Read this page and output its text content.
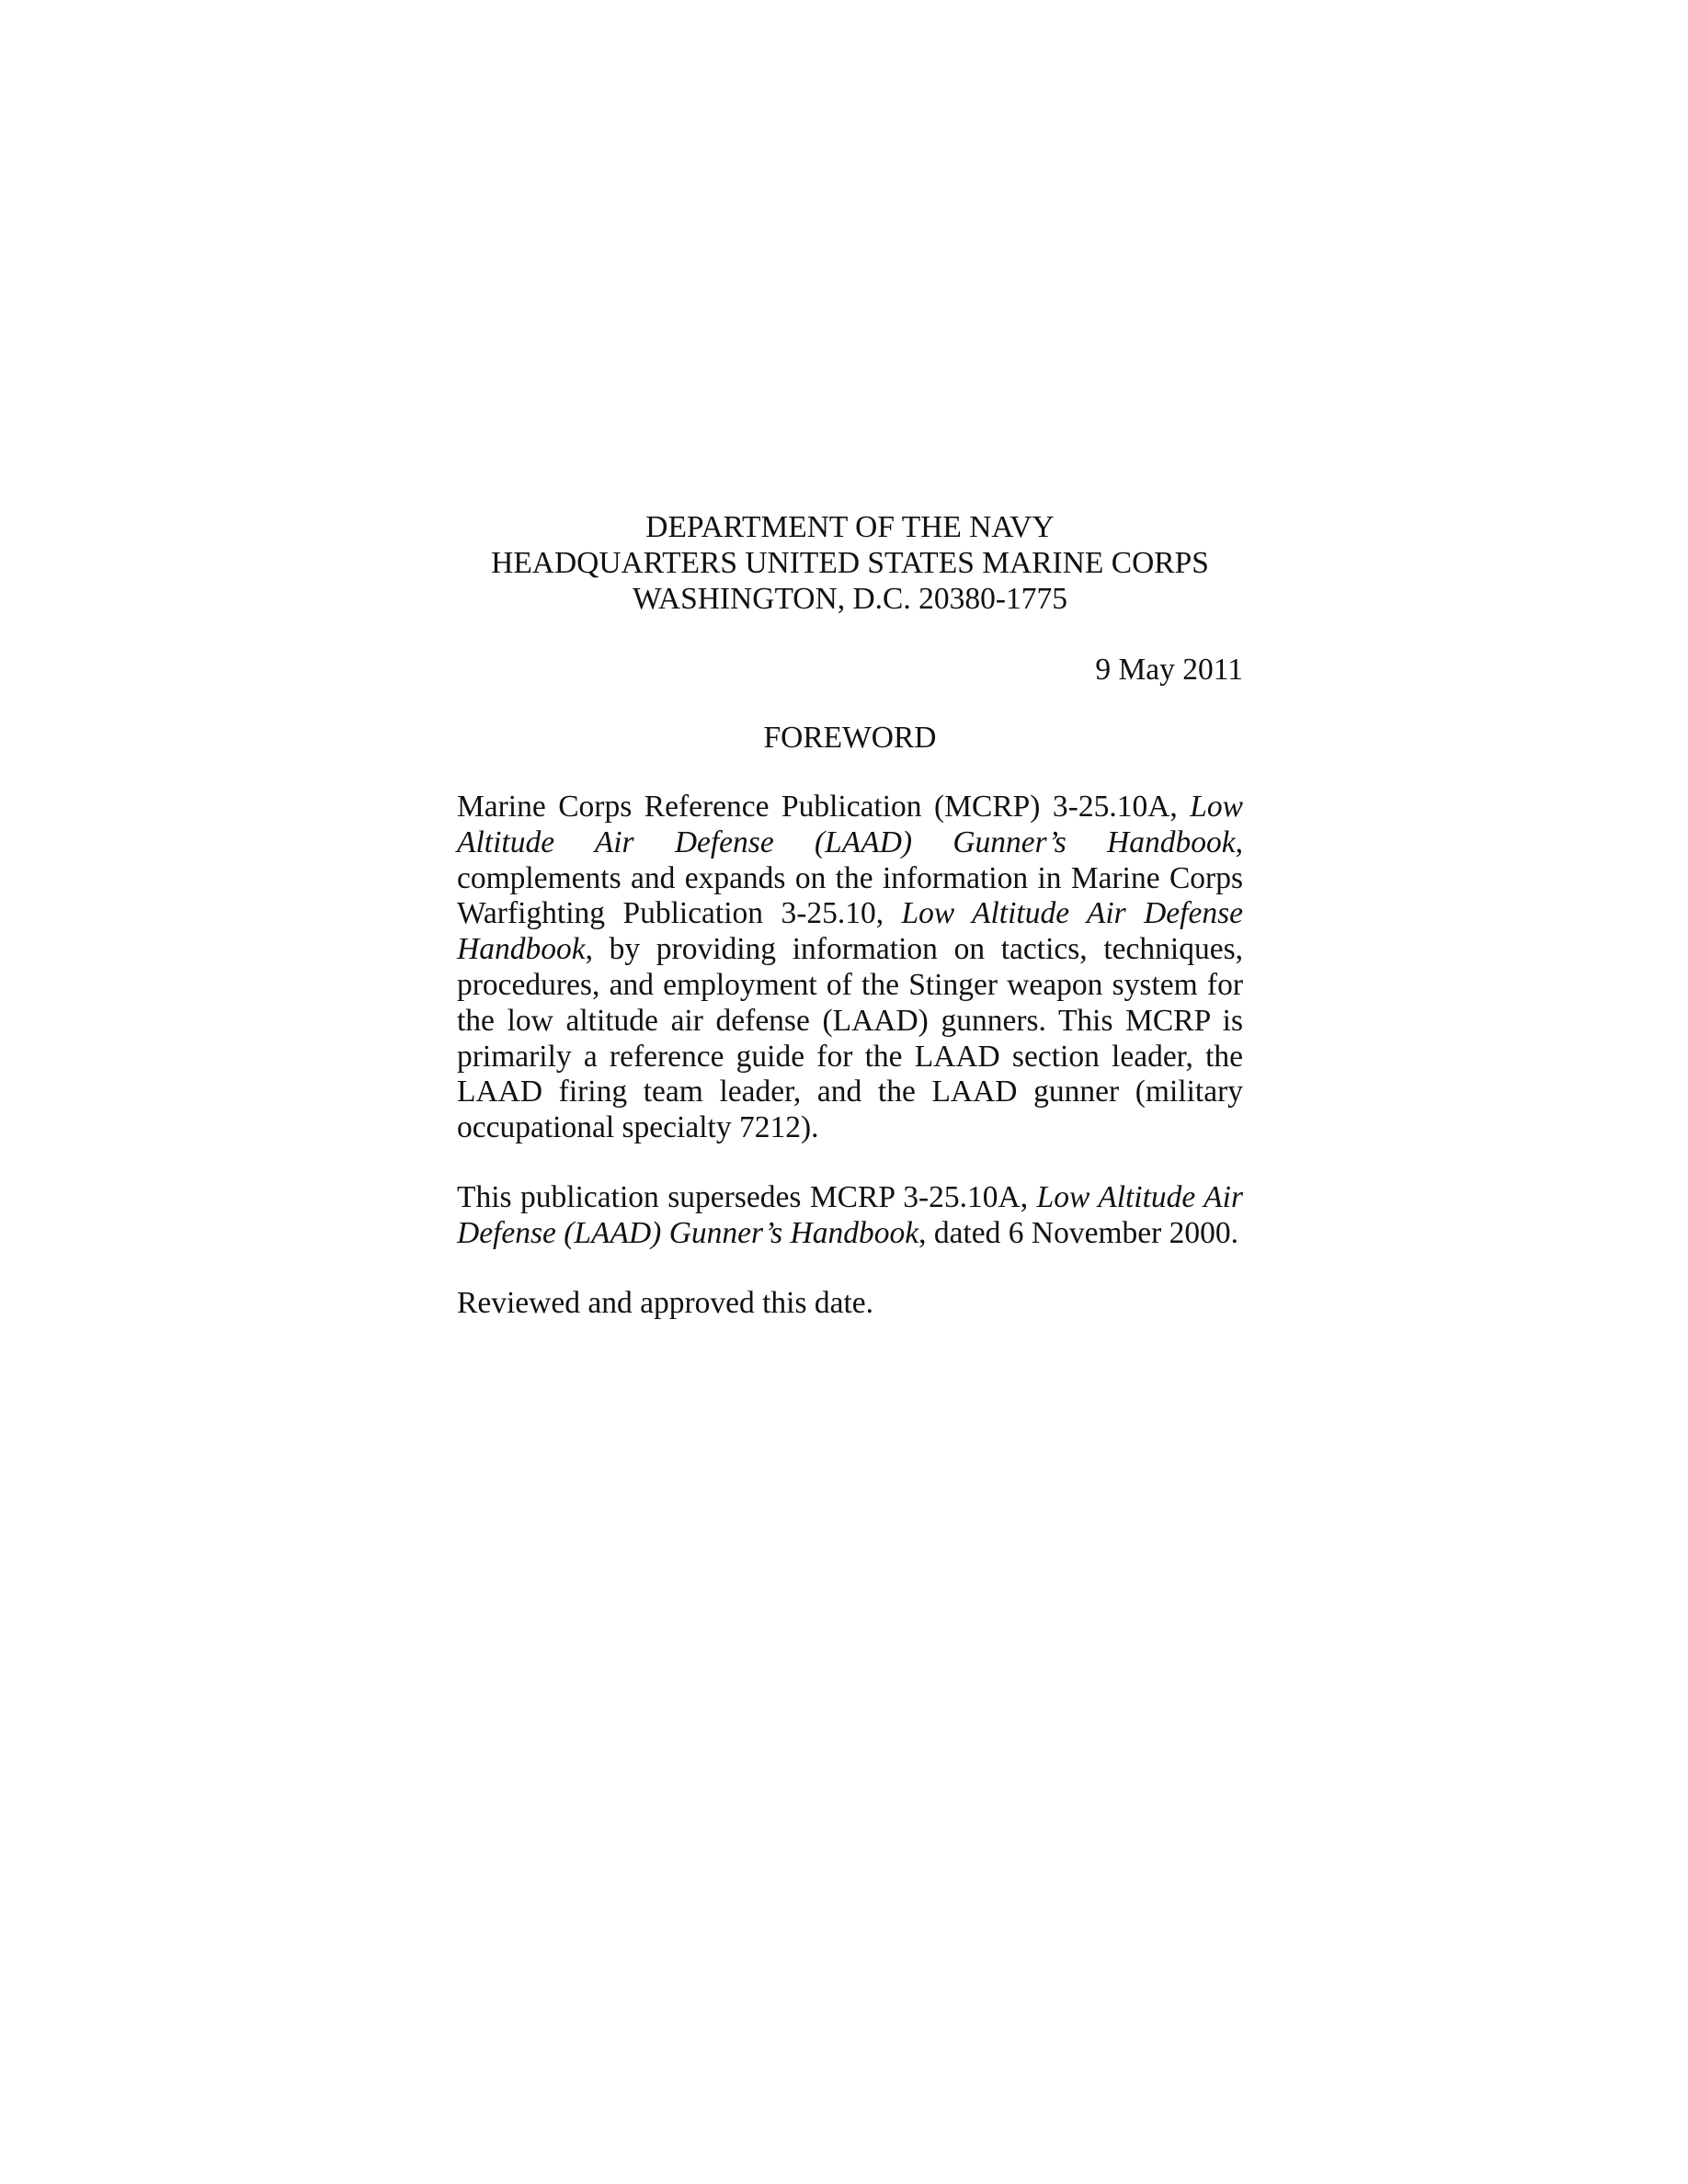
DEPARTMENT OF THE NAVY
HEADQUARTERS UNITED STATES MARINE CORPS
WASHINGTON, D.C. 20380-1775

9 May 2011

FOREWORD

Marine Corps Reference Publication (MCRP) 3-25.10A, Low Altitude Air Defense (LAAD) Gunner’s Handbook, complements and expands on the information in Marine Corps Warfighting Publication 3-25.10, Low Altitude Air Defense Handbook, by providing information on tactics, techniques, procedures, and employment of the Stinger weapon system for the low altitude air defense (LAAD) gunners. This MCRP is primarily a reference guide for the LAAD section leader, the LAAD firing team leader, and the LAAD gunner (military occupational specialty 7212).

This publication supersedes MCRP 3-25.10A, Low Altitude Air Defense (LAAD) Gunner’s Handbook, dated 6 November 2000.

Reviewed and approved this date.
